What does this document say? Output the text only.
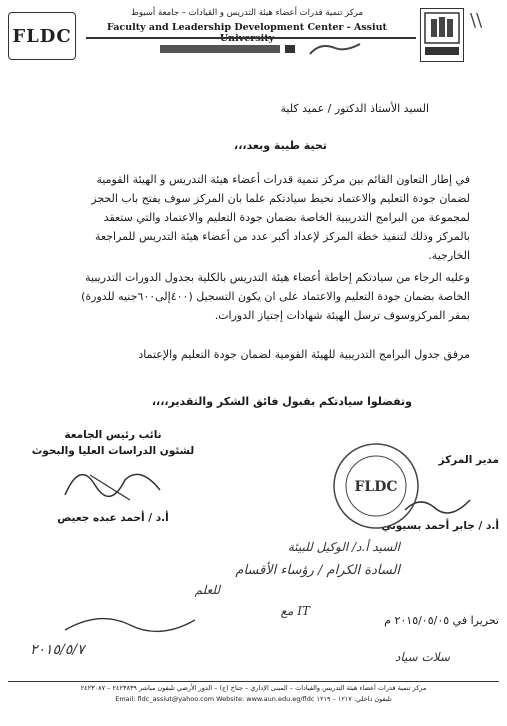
FLDC
مركز تنمية قدرات أعضاء هيئة التدريس و القيادات – جامعة أسيوط
Faculty and Leadership Development Center - Assiut	\\
السيد الأستاذ الدكتور / عميد كلية
تحية طيبة وبعد،،،
في إطار التعاون القائم بين مركز تنمية قدرات أعضاء هيئة التدريس و الهيئة القومية
لضمان جودة التعليم والاعتماد نحيط سيادتكم علما بان المركز سوف يفتح باب الحجز
لمجموعة من البرامج التدريبية الخاصة بضمان جودة التعليم والاعتماد والتي ستعقد
بالمركز وذلك لتنفيذ خطة المركز لإعداد أكبر عدد من أعضاء هيئة التدريس للمراجعة
الخارجية.
وعليه الرجاء من سيادتكم إحاطة أعضاء هيئة التدريس بالكلية بجدول الدورات التدريبية
الخاصة بضمان جودة التعليم والاعتماد على ان يكون التسجيل (٤٠٠إلى٦٠٠جنيه للدورة)
بمقر المركزوسوف ترسل الهيئة شهادات إجتياز الدورات.
مرفق جدول البرامج التدريبية للهيئة القومية لضمان جودة التعليم والإعتماد
وتفضلوا سيادتكم بقبول فائق الشكر والتقدير،،،،
نائب رئيس الجامعة
لشئون الدراسات العليا والبحوث
أ.د / أحمد عبده جعيص
مدير المركز
أ.د / جابر أحمد بسيوني
FLDC
السيد أ.د/ الوكيل للبيئة
السادة الكرام / رؤساء الأقسام
للعلم
IT مع
٢٠١٥/٥/٧	سلات سياد
تحريرا في ٢٠١٥/٠٥/٠٥ م
مركز تنمية قدرات أعضاء هيئة التدريس والقيادات – المبنى الإداري – جناح (ج) – الدور الأرضي تليفون مباشر ٢٤٢٣٨٣٩ – ٢٤٢٣٠٨٧
Email: fldc_assiut@yahoo.com Website: www.aun.edu.eg/fldc تليفون داخلي: ١٢١٧ – ١٢١٩
